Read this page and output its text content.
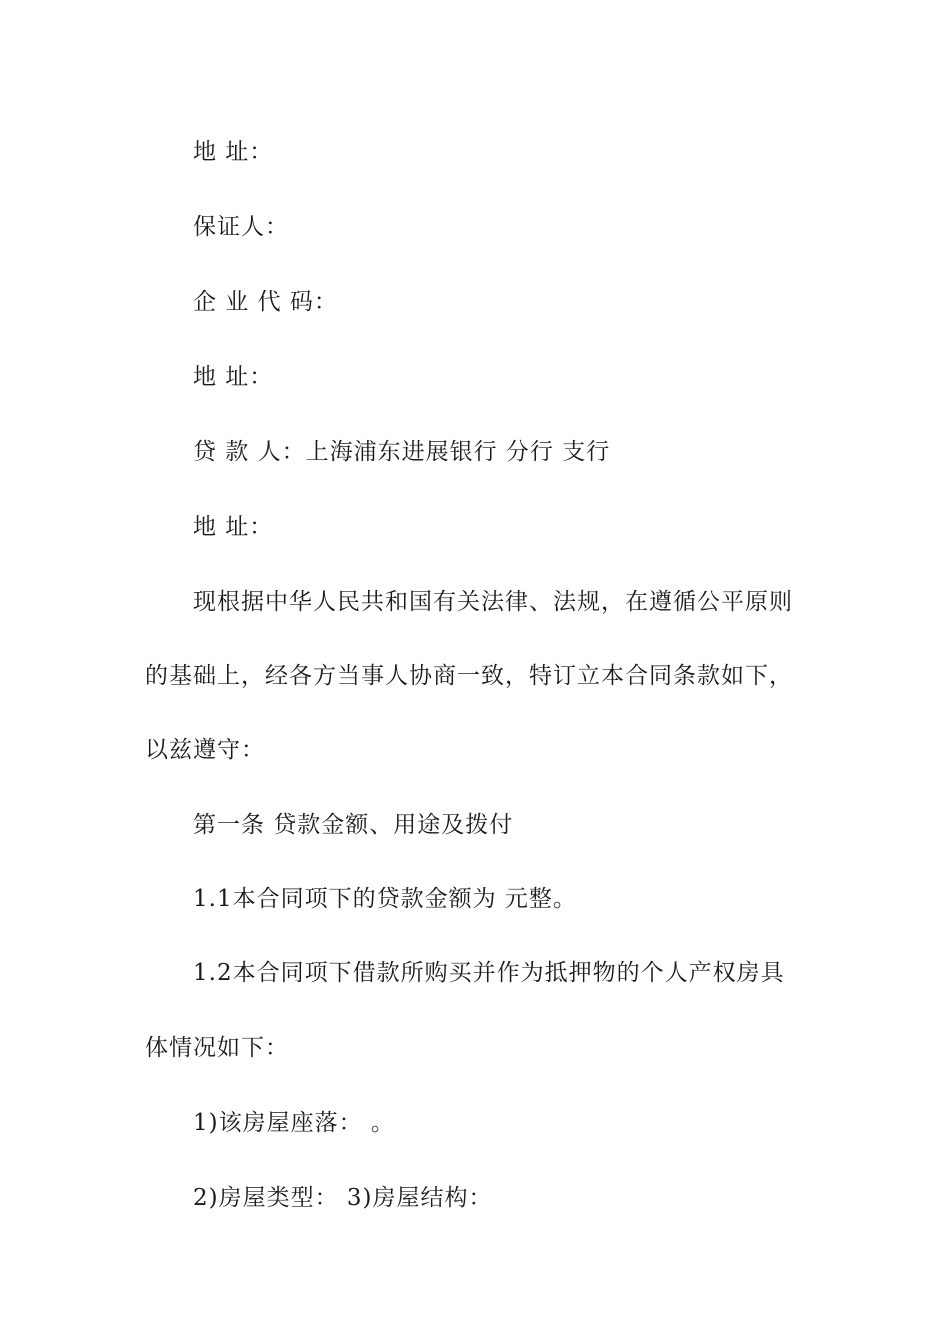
地 址：
保证人：
企 业 代 码：
地 址：
贷 款 人：上海浦东进展银行 分行 支行
地 址：
现根据中华人民共和国有关法律、法规，在遵循公平原则
的基础上，经各方当事人协商一致，特订立本合同条款如下，
以兹遵守：
第一条 贷款金额、用途及拨付
1.1本合同项下的贷款金额为 元整。
1.2本合同项下借款所购买并作为抵押物的个人产权房具
体情况如下：
1)该房屋座落： 。
2)房屋类型： 3)房屋结构：
